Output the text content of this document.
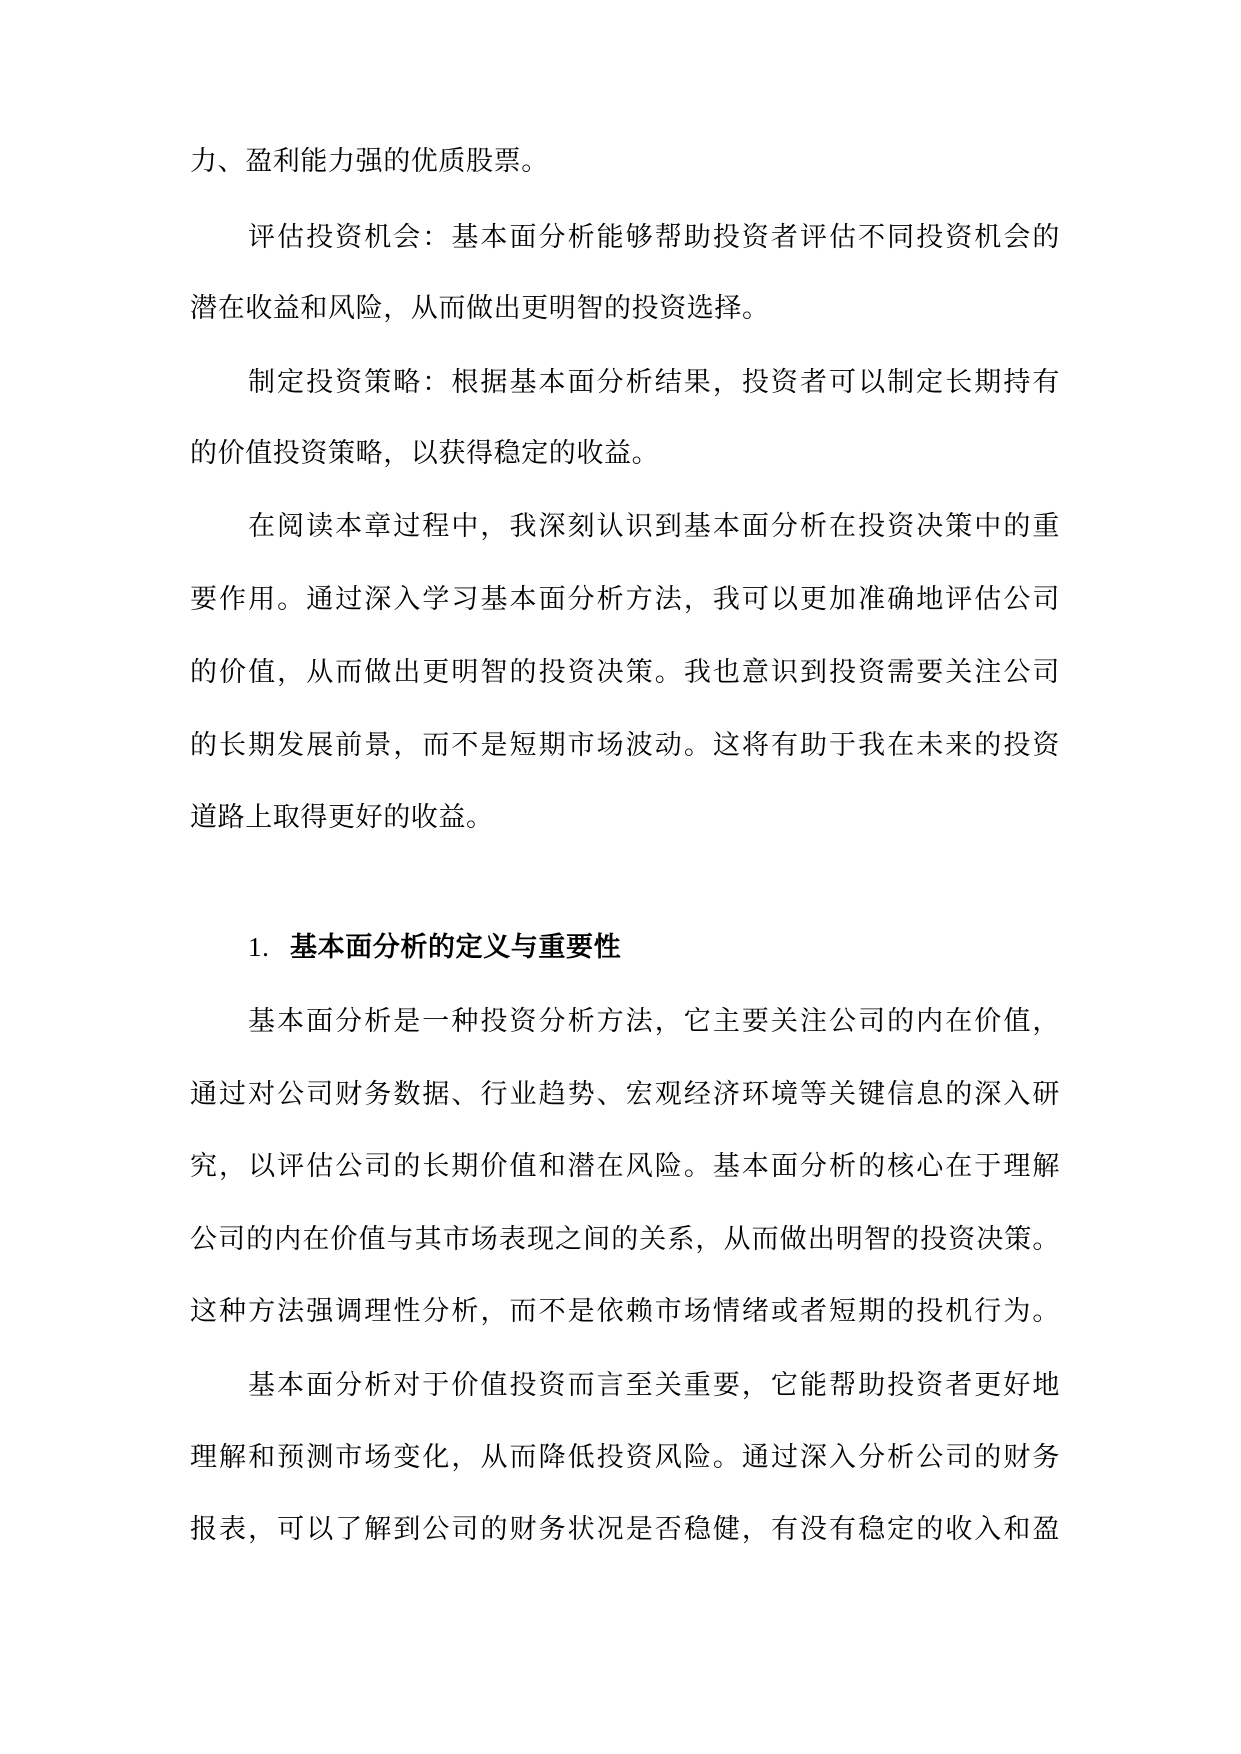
力、盈利能力强的优质股票。
评估投资机会：基本面分析能够帮助投资者评估不同投资机会的
潜在收益和风险，从而做出更明智的投资选择。
制定投资策略：根据基本面分析结果，投资者可以制定长期持有
的价值投资策略，以获得稳定的收益。
在阅读本章过程中，我深刻认识到基本面分析在投资决策中的重
要作用。通过深入学习基本面分析方法，我可以更加准确地评估公司
的价值，从而做出更明智的投资决策。我也意识到投资需要关注公司
的长期发展前景，而不是短期市场波动。这将有助于我在未来的投资
道路上取得更好的收益。
1. 基本面分析的定义与重要性
基本面分析是一种投资分析方法，它主要关注公司的内在价值，
通过对公司财务数据、行业趋势、宏观经济环境等关键信息的深入研
究，以评估公司的长期价值和潜在风险。基本面分析的核心在于理解
公司的内在价值与其市场表现之间的关系，从而做出明智的投资决策。
这种方法强调理性分析，而不是依赖市场情绪或者短期的投机行为。
基本面分析对于价值投资而言至关重要，它能帮助投资者更好地
理解和预测市场变化，从而降低投资风险。通过深入分析公司的财务
报表，可以了解到公司的财务状况是否稳健，有没有稳定的收入和盈
